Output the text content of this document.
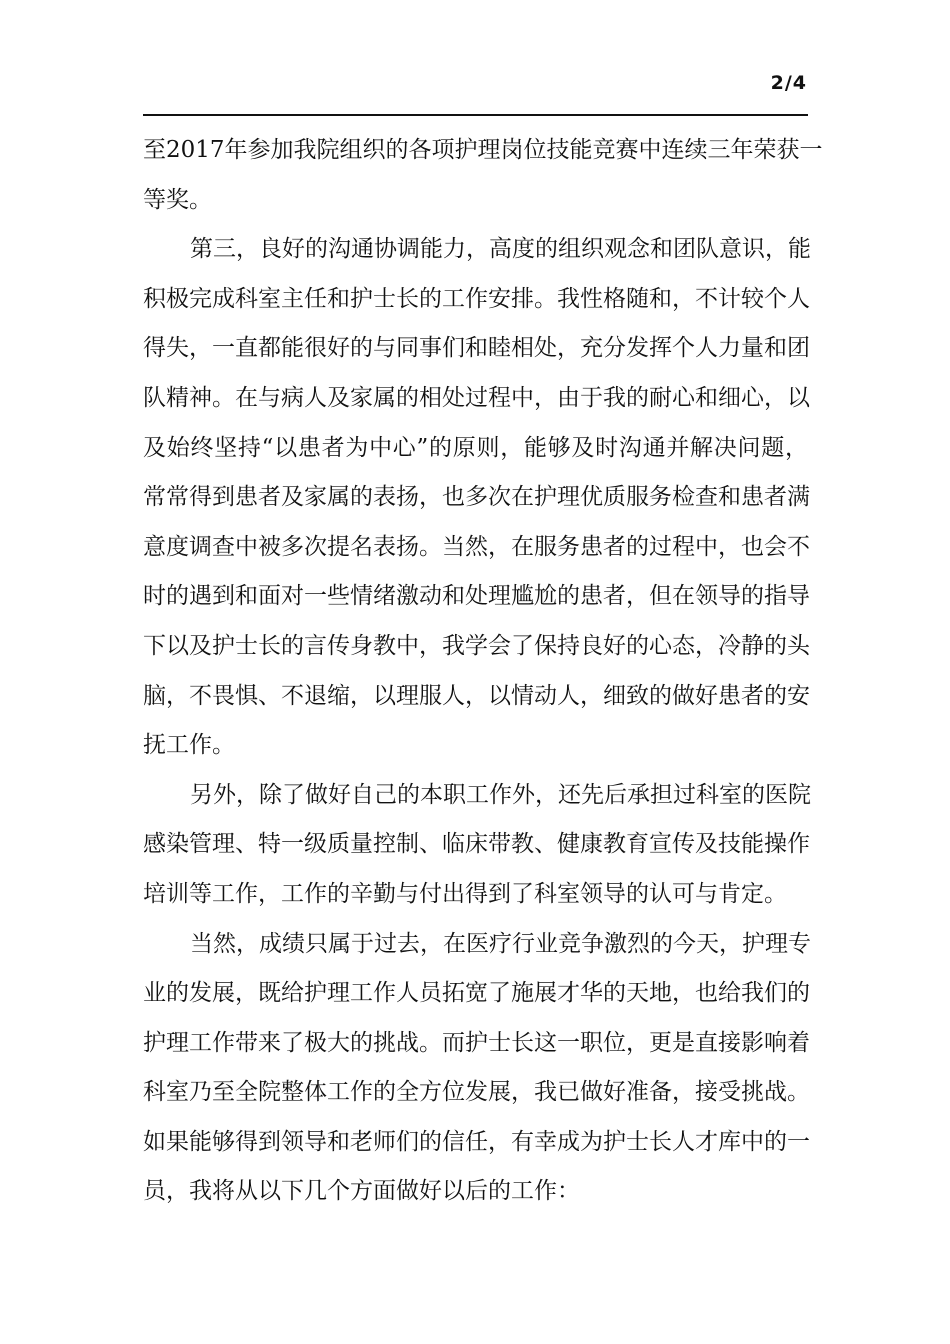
2/4
至2017年参加我院组织的各项护理岗位技能竞赛中连续三年荣获一
等奖。
第三，良好的沟通协调能力，高度的组织观念和团队意识，能
积极完成科室主任和护士长的工作安排。我性格随和，不计较个人
得失，一直都能很好的与同事们和睦相处，充分发挥个人力量和团
队精神。在与病人及家属的相处过程中，由于我的耐心和细心，以
及始终坚持“以患者为中心”的原则，能够及时沟通并解决问题，
常常得到患者及家属的表扬，也多次在护理优质服务检查和患者满
意度调查中被多次提名表扬。当然，在服务患者的过程中，也会不
时的遇到和面对一些情绪激动和处理尴尬的患者，但在领导的指导
下以及护士长的言传身教中，我学会了保持良好的心态，冷静的头
脑，不畏惧、不退缩，以理服人，以情动人，细致的做好患者的安
抚工作。
另外，除了做好自己的本职工作外，还先后承担过科室的医院
感染管理、特一级质量控制、临床带教、健康教育宣传及技能操作
培训等工作，工作的辛勤与付出得到了科室领导的认可与肯定。
当然，成绩只属于过去，在医疗行业竞争激烈的今天，护理专
业的发展，既给护理工作人员拓宽了施展才华的天地，也给我们的
护理工作带来了极大的挑战。而护士长这一职位，更是直接影响着
科室乃至全院整体工作的全方位发展，我已做好准备，接受挑战。
如果能够得到领导和老师们的信任，有幸成为护士长人才库中的一
员，我将从以下几个方面做好以后的工作：
